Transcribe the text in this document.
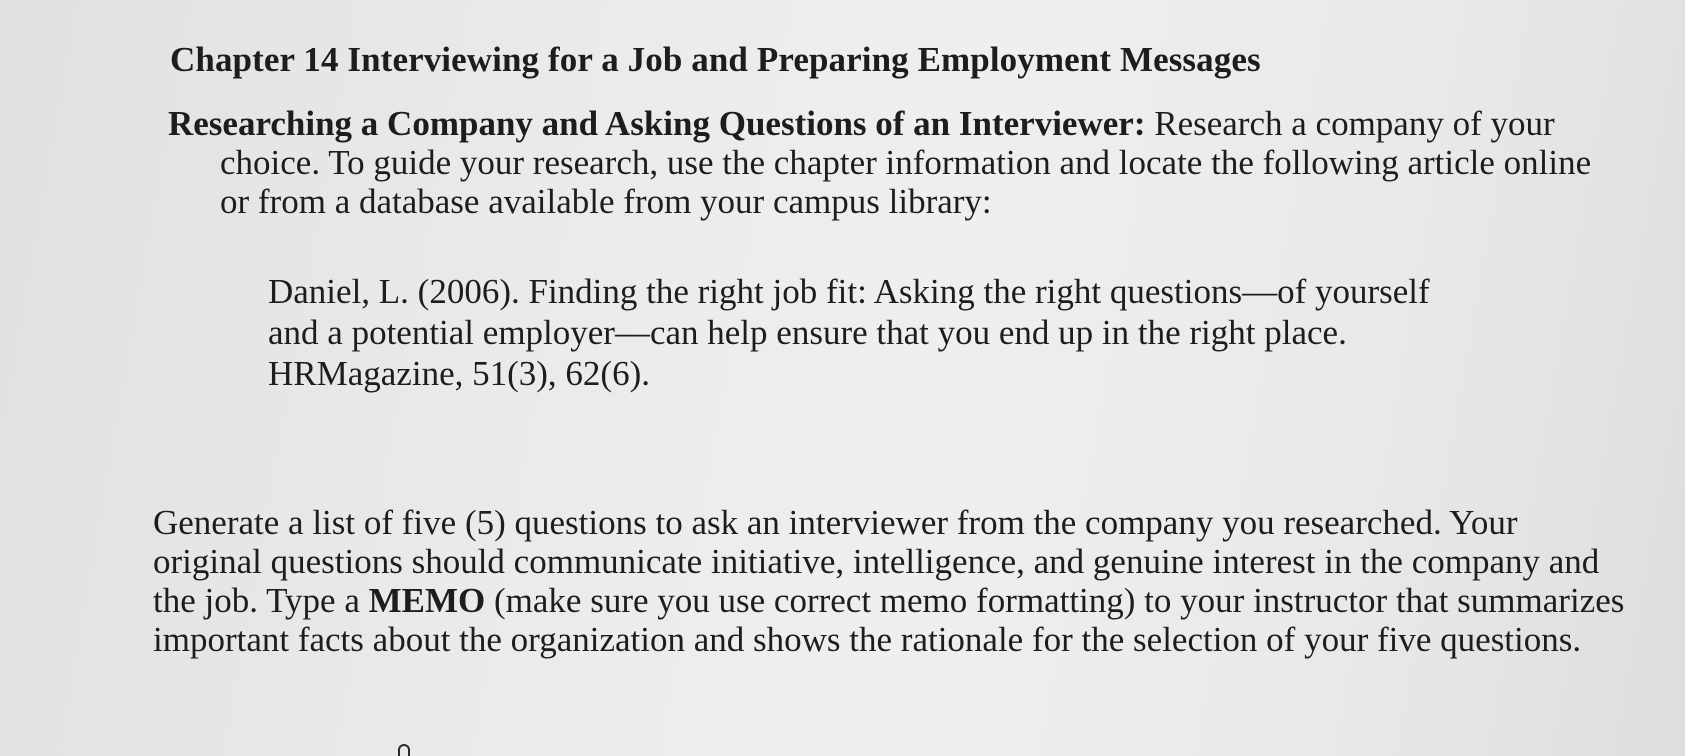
Chapter 14 Interviewing for a Job and Preparing Employment Messages

Researching a Company and Asking Questions of an Interviewer: Research a company of your choice. To guide your research, use the chapter information and locate the following article online or from a database available from your campus library:

Daniel, L. (2006). Finding the right job fit: Asking the right questions—of yourself and a potential employer—can help ensure that you end up in the right place. HRMagazine, 51(3), 62(6).

Generate a list of five (5) questions to ask an interviewer from the company you researched. Your original questions should communicate initiative, intelligence, and genuine interest in the company and the job. Type a MEMO (make sure you use correct memo formatting) to your instructor that summarizes important facts about the organization and shows the rationale for the selection of your five questions.
